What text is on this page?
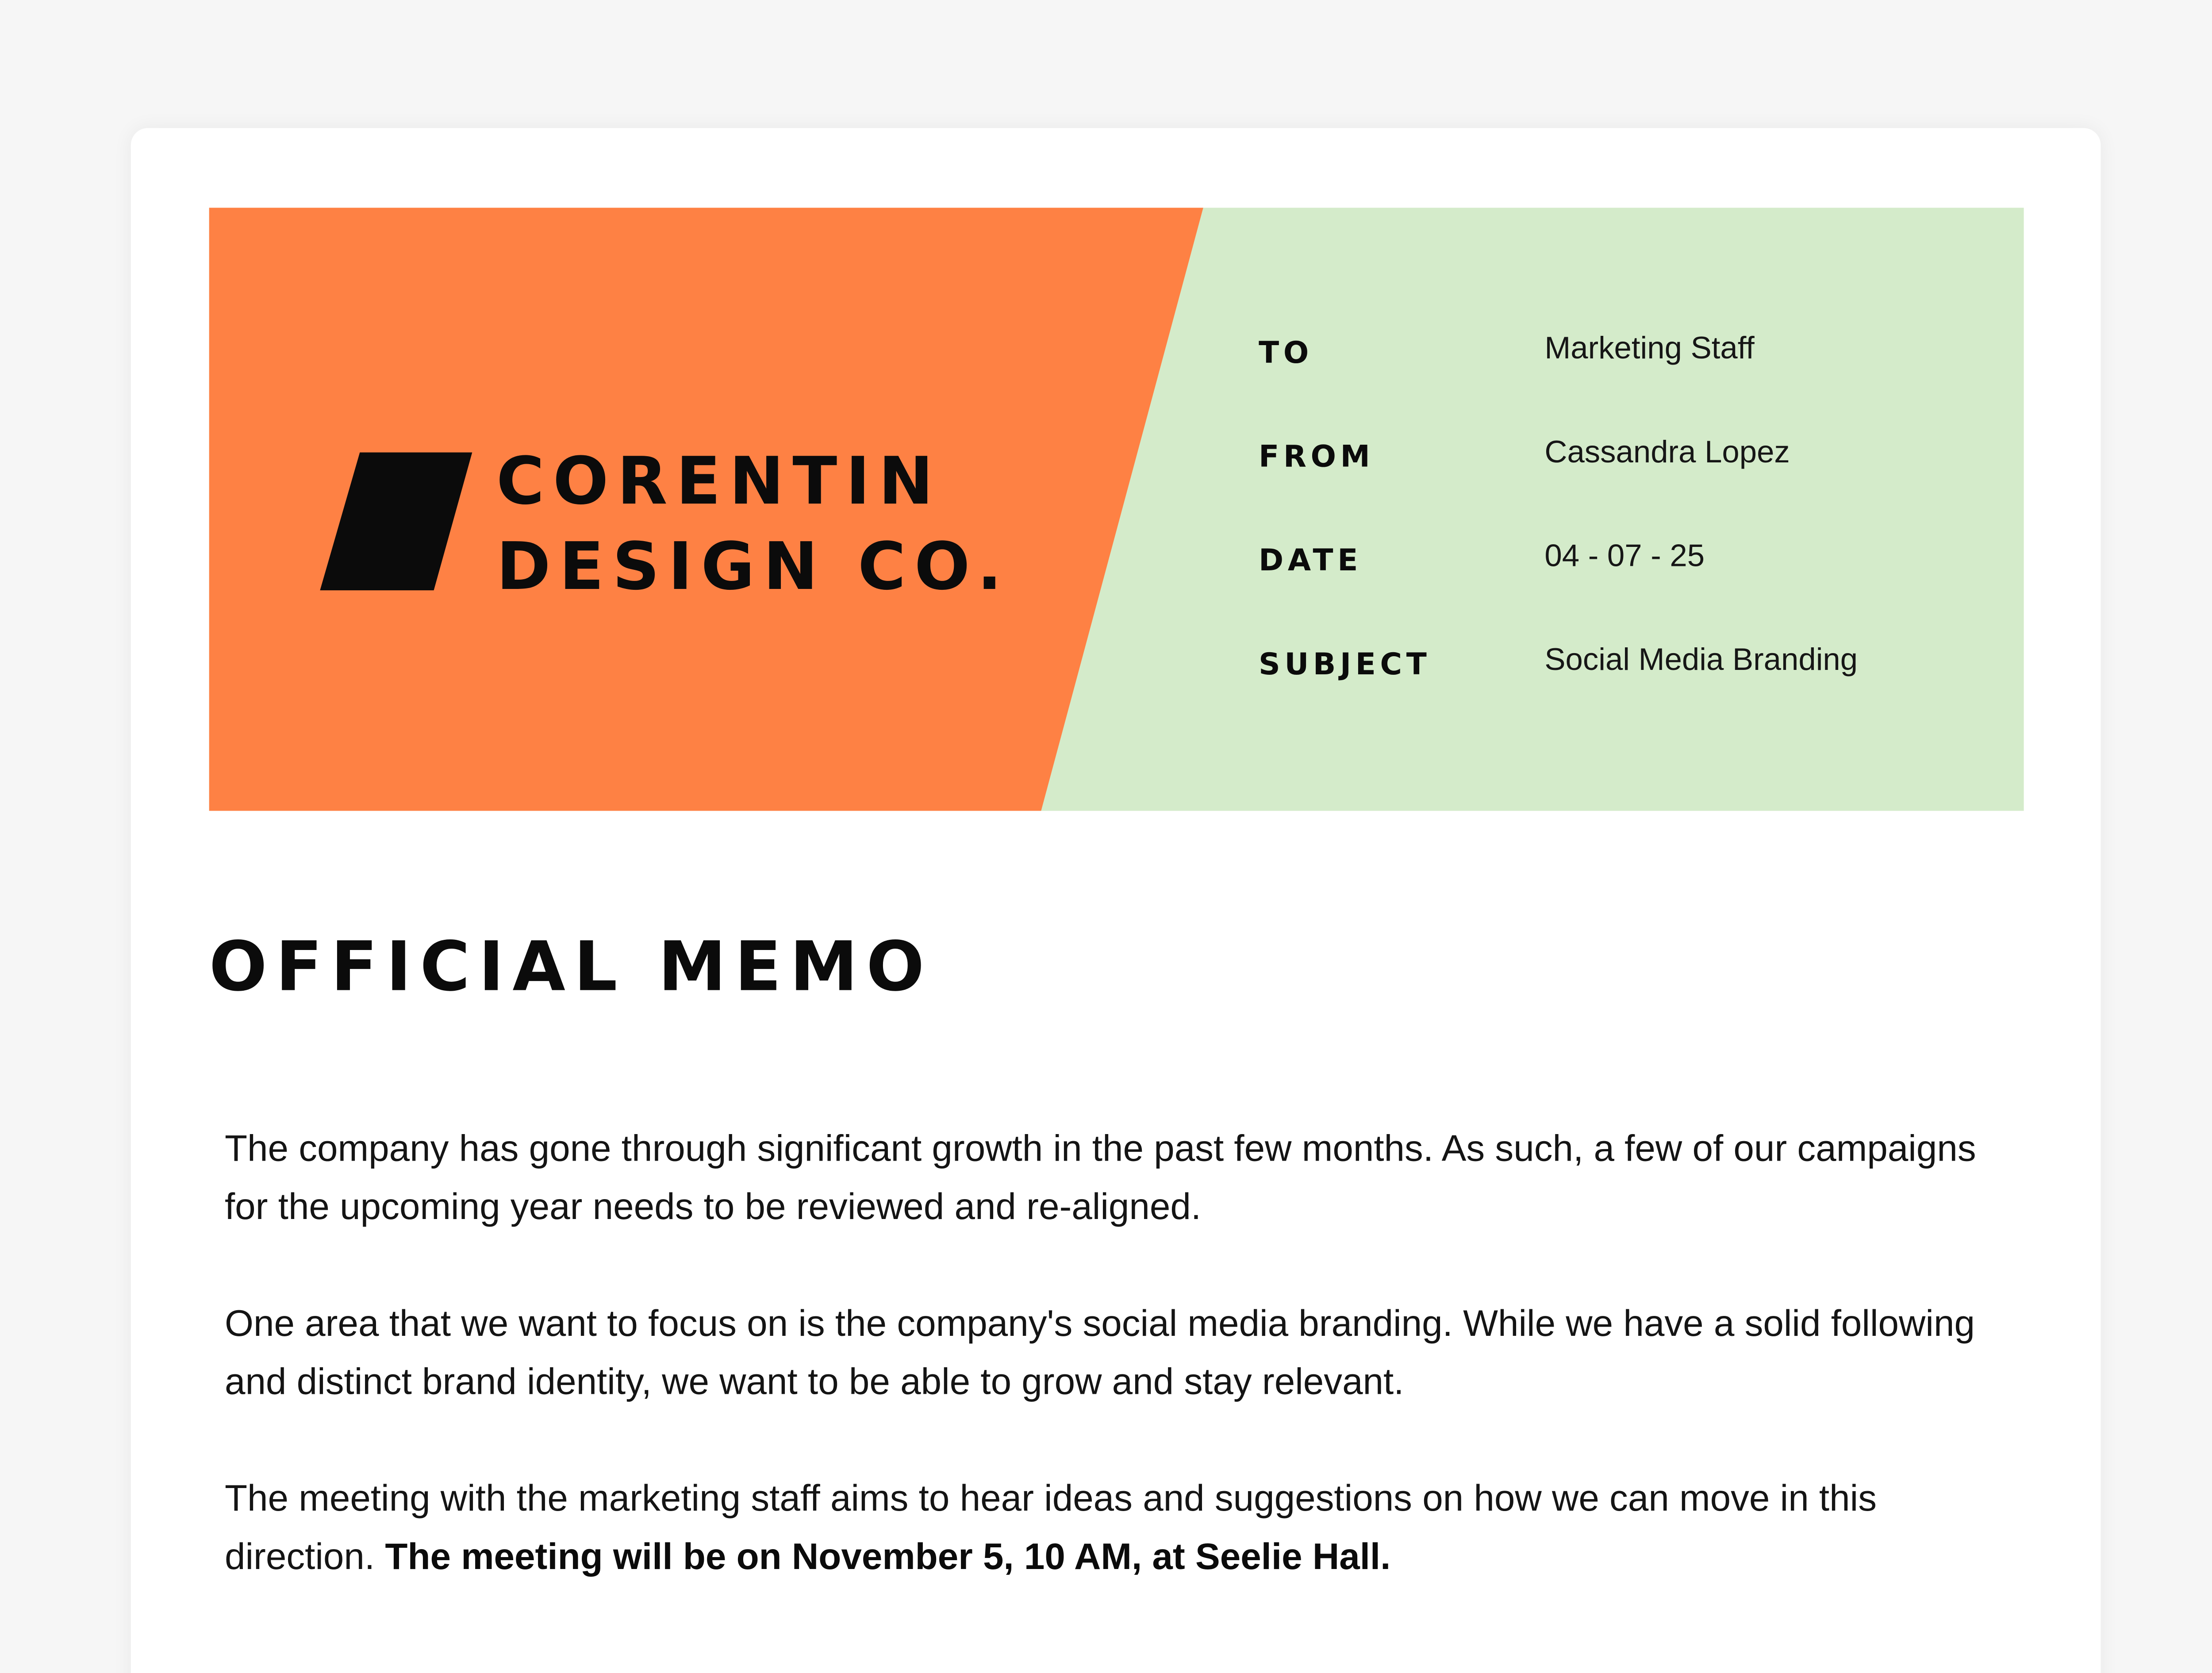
CORENTIN
DESIGN CO.
TO	Marketing Staff
FROM	Cassandra Lopez
DATE	04 - 07 - 25
SUBJECT	Social Media Branding
OFFICIAL MEMO

The company has gone through significant growth in the past few months. As such, a few of our campaigns for the upcoming year needs to be reviewed and re-aligned.

One area that we want to focus on is the company's social media branding. While we have a solid following and distinct brand identity, we want to be able to grow and stay relevant.

The meeting with the marketing staff aims to hear ideas and suggestions on how we can move in this direction. The meeting will be on November 5, 10 AM, at Seelie Hall.
